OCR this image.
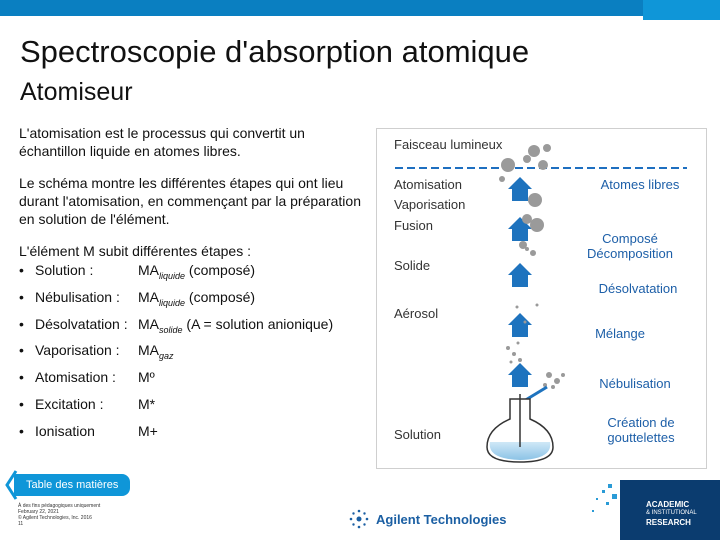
Spectroscopie d'absorption atomique
Atomiseur

L'atomisation est le processus qui convertit un échantillon liquide en atomes libres.

Le schéma montre les différentes étapes qui ont lieu durant l'atomisation, en commençant par la préparation en solution de l'élément.

L'élément M subit différentes étapes :

• Solution :	$MA_{liquide}$ (composé)
• Nébulisation : $MA_{liquide}$ (composé)
• Désolvatation : $MA_{solide}$ (A = solution anionique)
• Vaporisation : $MA_{gaz}$
• Atomisation : Mº
• Excitation : M*
• Ionisation	M+
Faisceau lumineux
Atomisation
Vaporisation
Fusion
Solide
Aérosol
Solution
Atomes libres
Composé Décomposition
Désolvatation
Mélange
Nébulisation
Création de gouttelettes
Table des matières
À des fins pédagogiques uniquement
February 22, 2021
© Agilent Technologies, Inc. 2016
11	Agilent Technologies
ACADEMIC
& INSTITUTIONAL
RESEARCH
